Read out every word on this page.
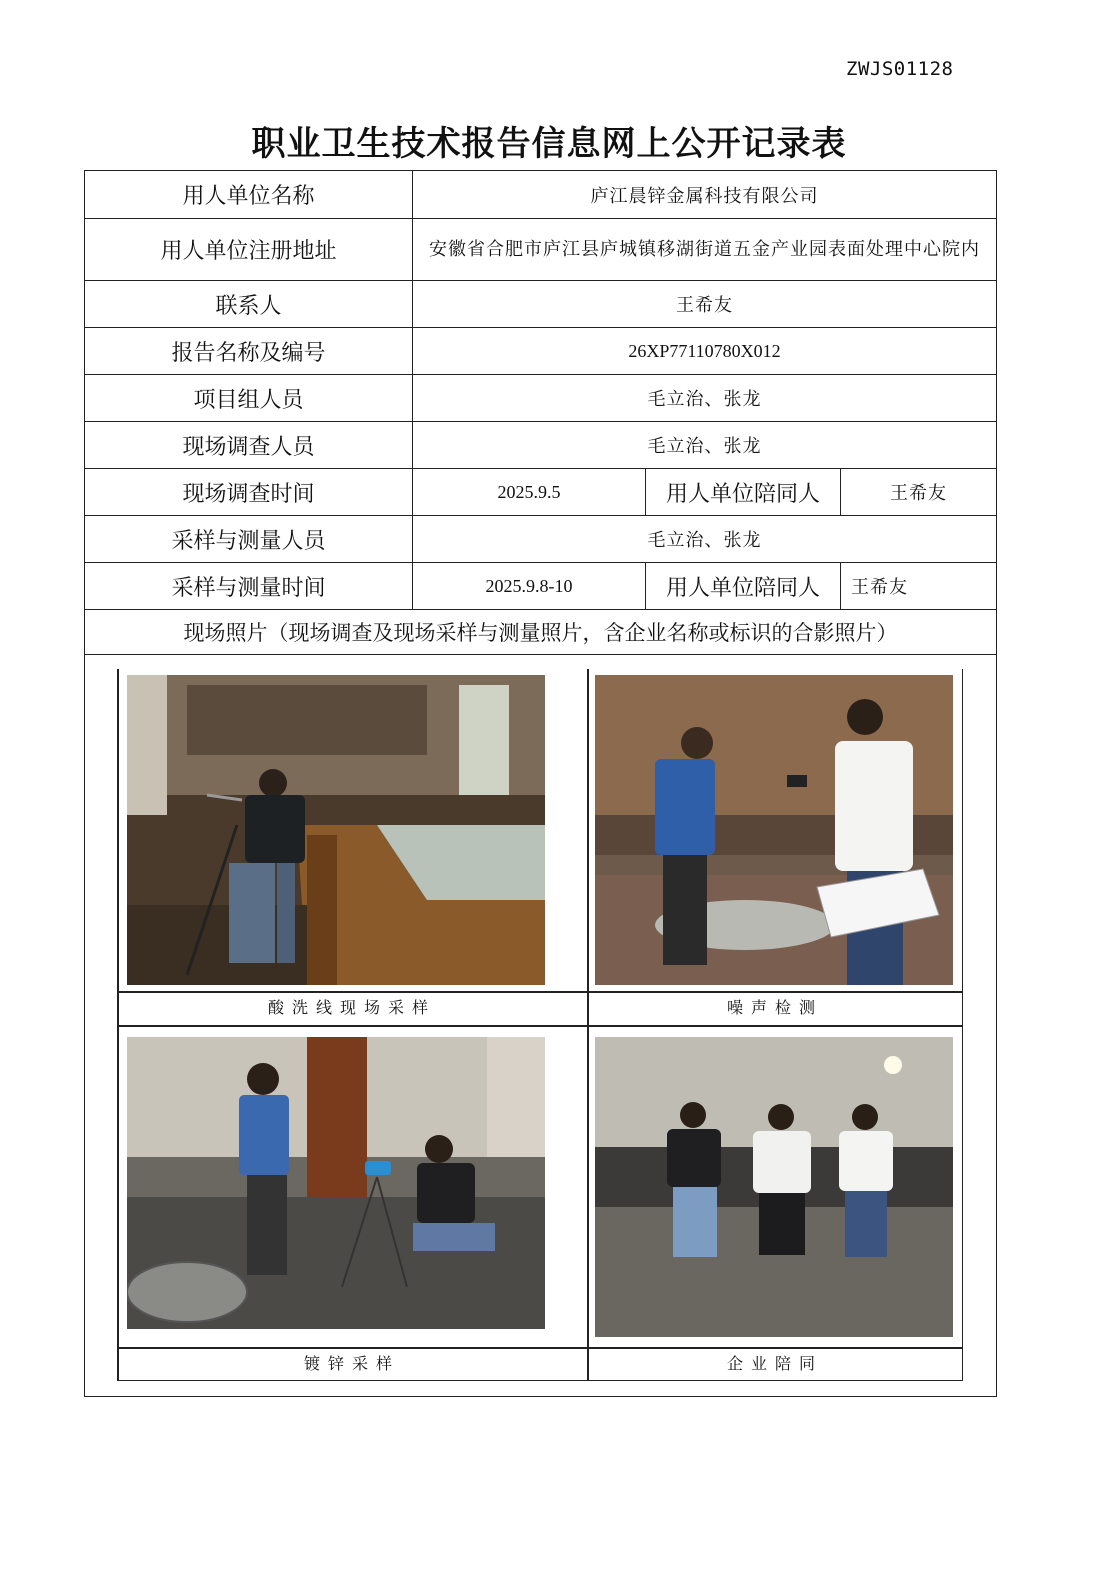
ZWJS01128
职业卫生技术报告信息网上公开记录表
用人单位名称	庐江晨锌金属科技有限公司		
用人单位注册地址	安徽省合肥市庐江县庐城镇移湖街道五金产业园表面处理中心院内		
联系人	王希友		
报告名称及编号	26XP77110780X012		
项目组人员	毛立治、张龙		
现场调查人员	毛立治、张龙		
现场调查时间	2025.9.5	用人单位陪同人	王希友
采样与测量人员	毛立治、张龙		
采样与测量时间	2025.9.8-10	用人单位陪同人	王希友
现场照片（现场调查及现场采样与测量照片，含企业名称或标识的合影照片）			

酸洗线现场采样 噪声检测
镀锌采样 企业陪同			
